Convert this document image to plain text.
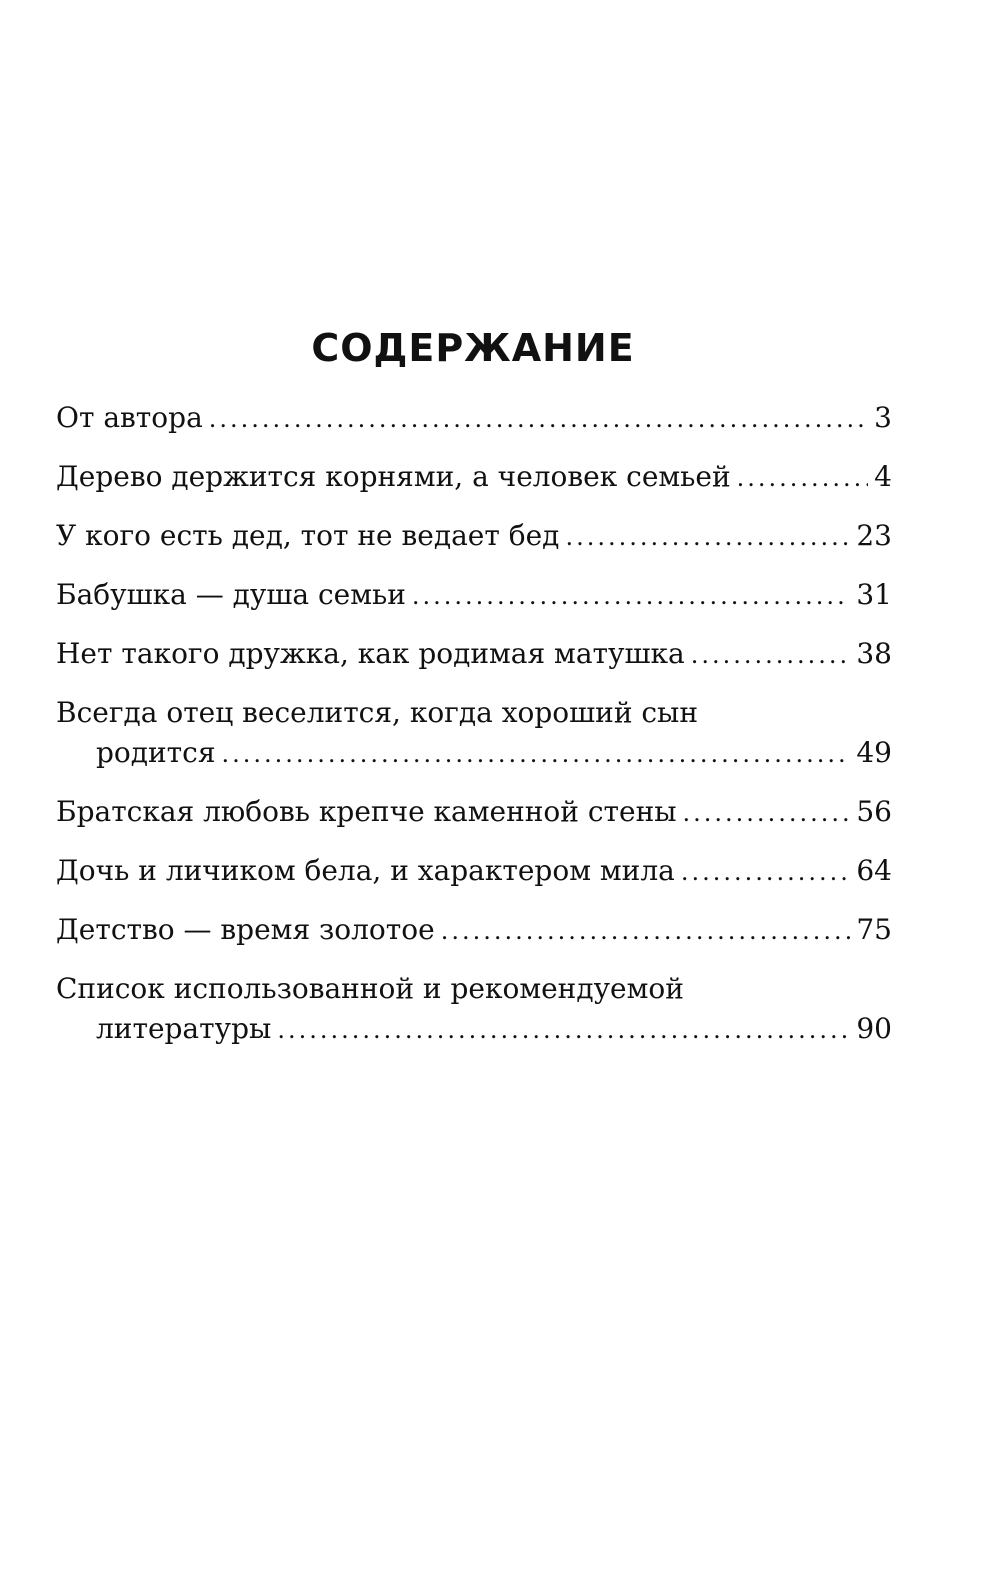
СОДЕРЖАНИЕ
От автора .....	3
Дерево держится корнями, а человек семьей .....	4
У кого есть дед, тот не ведает бед .....	23
Бабушка — душа семьи .....	31
Нет такого дружка, как родимая матушка .....	38
Всегда отец веселится, когда хороший сын
родится .....	49
Братская любовь крепче каменной стены .....	56
Дочь и личиком бела, и характером мила .....	64
Детство — время золотое .....	75
Список использованной и рекомендуемой
литературы .....	90
